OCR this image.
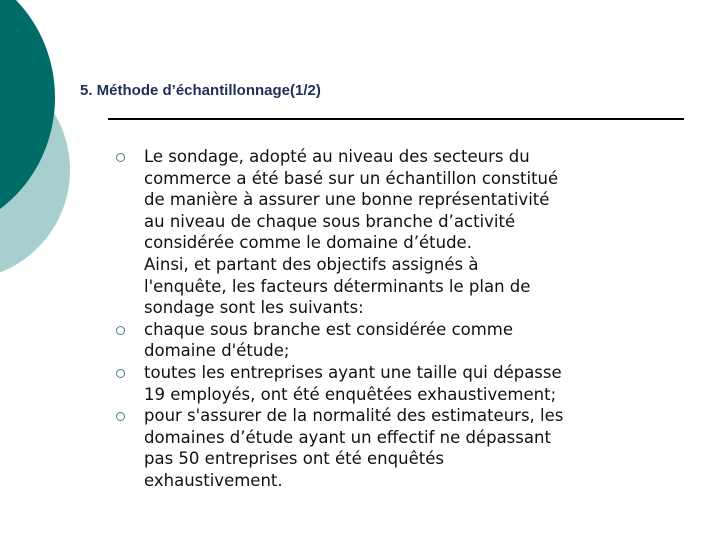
5. Méthode d’échantillonnage(1/2)
Le sondage, adopté au niveau des secteurs du
commerce a été basé sur un échantillon constitué
de manière à assurer une bonne représentativité
au niveau de chaque sous branche d’activité
considérée comme le domaine d’étude.
Ainsi, et partant des objectifs assignés à
l'enquête, les facteurs déterminants le plan de
sondage sont les suivants:
chaque sous branche est considérée comme
domaine d'étude;
toutes les entreprises ayant une taille qui dépasse
19 employés, ont été enquêtées exhaustivement;
pour s'assurer de la normalité des estimateurs, les
domaines d’étude ayant un effectif ne dépassant
pas 50 entreprises ont été enquêtés
exhaustivement.
